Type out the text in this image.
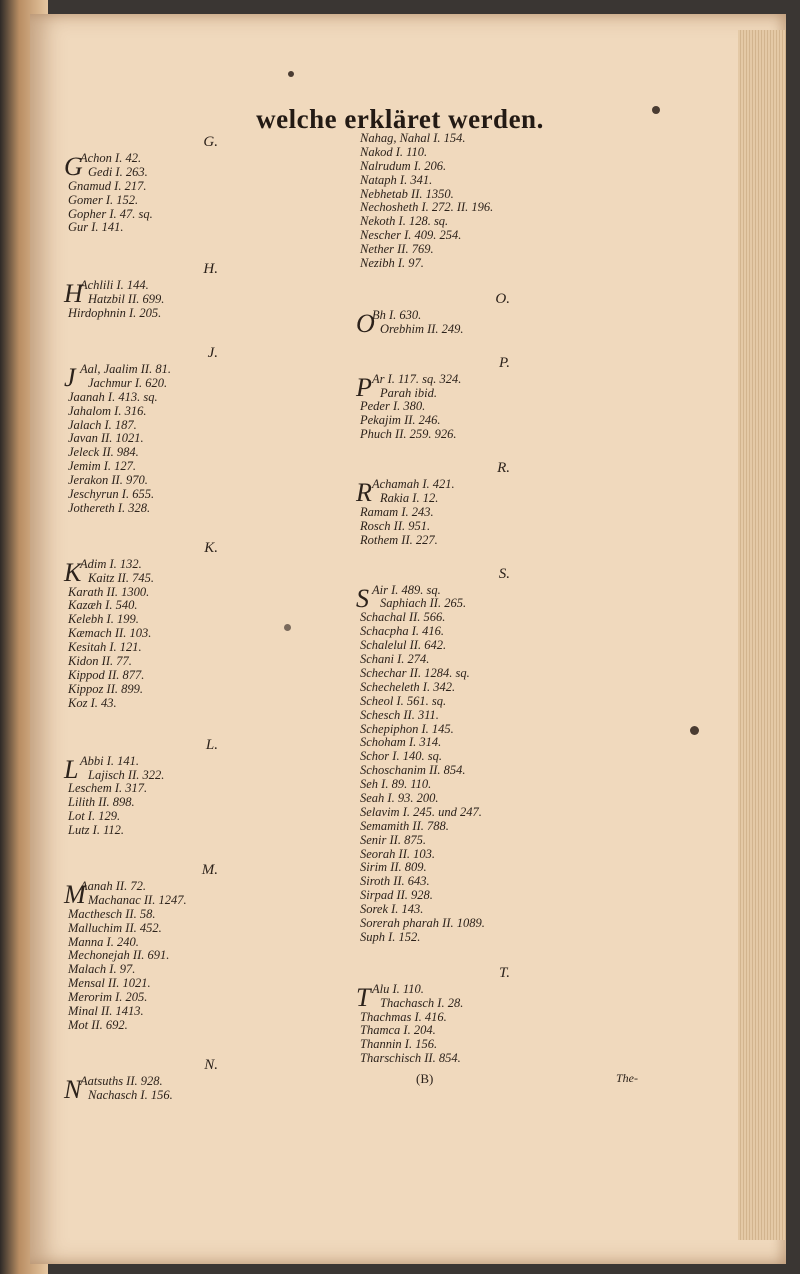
welche erkläret werden.
G.
G
Achon I. 42.
Gedi I. 263.
Gnamud I. 217.
Gomer I. 152.
Gopher I. 47. sq.
Gur I. 141.
H.
H
Achlili I. 144.
Hatzbil II. 699.
Hirdophnin I. 205.
J.
J Aal, Jaalim II. 81.
Jachmur I. 620.
Jaanah I. 413. sq.
Jahalom I. 316.
Jalach I. 187.
Javan II. 1021.
Jeleck II. 984.
Jemim I. 127.
Jerakon II. 970.
Jeschyrun I. 655.
Jothereth I. 328.
K.
K
Adim I. 132.
Kaitz II. 745.
Karath II. 1300.
Kazæh I. 540.
Kelebh I. 199.
Kæmach II. 103.
Kesitah I. 121.
Kidon II. 77.
Kippod II. 877.
Kippoz II. 899.
Koz I. 43.
L.
L Abbi I. 141.
Lajisch II. 322.
Leschem I. 317.
Lilith II. 898.
Lot I. 129.
Lutz I. 112.
M.
M
Aanah II. 72.
Machanac II. 1247.
Macthesch II. 58.
Malluchim II. 452.
Manna I. 240.
Mechonejah II. 691.
Malach I. 97.
Mensal II. 1021.
Merorim I. 205.
Minal II. 1413.
Mot II. 692.
N.
N
Aatsuths II. 928.
Nachasch I. 156.
Nahag, Nahal I. 154.
Nakod I. 110.
Nalrudum I. 206.
Nataph I. 341.
Nebhetab II. 1350.
Nechosheth I. 272. II. 196.
Nekoth I. 128. sq.
Nescher I. 409. 254.
Nether II. 769.
Nezibh I. 97.
O.
O
Bh I. 630.
Orebhim II. 249.
P.
P Ar I. 117. sq. 324.
Parah ibid.
Peder I. 380.
Pekajim II. 246.
Phuch II. 259. 926.
R.
R Achamah I. 421.
Rakia I. 12.
Ramam I. 243.
Rosch II. 951.
Rothem II. 227.
S.
S Air I. 489. sq.
Saphiach II. 265.
Schachal II. 566.
Schacpha I. 416.
Schalelul II. 642.
Schani I. 274.
Schechar II. 1284. sq.
Schecheleth I. 342.
Scheol I. 561. sq.
Schesch II. 311.
Schepiphon I. 145.
Schoham I. 314.
Schor I. 140. sq.
Schoschanim II. 854.
Seh I. 89. 110.
Seah I. 93. 200.
Selavim I. 245. und 247.
Semamith II. 788.
Senir II. 875.
Seorah II. 103.
Sirim II. 809.
Siroth II. 643.
Sirpad II. 928.
Sorek I. 143.
Sorerah pharah II. 1089.
Suph I. 152.
T.
T Alu I. 110.
Thachasch I. 28.
Thachmas I. 416.
Thamca I. 204.
Thannin I. 156.
Tharschisch II. 854.
(B)	The-
